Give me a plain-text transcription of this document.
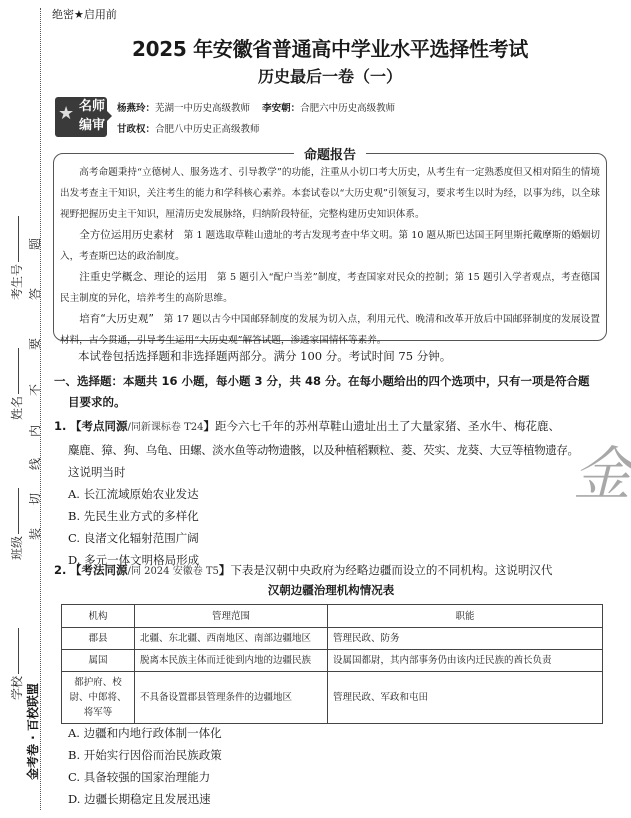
考生号
姓名
班级
学校
题
答
要
不
内
线
切
装
金考卷 · 百校联盟
绝密★启用前
2025 年安徽省普通高中学业水平选择性考试
历史最后一卷（一）
★ 名师
编审
杨燕玲：芜湖一中历史高级教师 李安朝：合肥六中历史高级教师
甘政权：合肥八中历史正高级教师
命题报告

高考命题秉持“立德树人、服务选才、引导教学”的功能，注重从小切口考大历史，从考生有一定熟悉度但又相对陌生的情境出发考查主干知识，关注考生的能力和学科核心素养。本套试卷以“大历史观”引领复习，要求考生以时为经，以事为纬，以全球视野把握历史主干知识，厘清历史发展脉络，归纳阶段特征，完整构建历史知识体系。

全方位运用历史素材　第 1 题选取草鞋山遗址的考古发现考查中华文明。第 10 题从斯巴达国王阿里斯托戴摩斯的婚姻切入，考查斯巴达的政治制度。

注重史学概念、理论的运用　第 5 题引入“配户当差”制度，考查国家对民众的控制；第 15 题引入学者观点，考查德国民主制度的异化，培养考生的高阶思维。

培育“大历史观”　第 17 题以古今中国邮驿制度的发展为切入点，利用元代、晚清和改革开放后中国邮驿制度的发展设置材料，古今贯通，引导考生运用“大历史观”解答试题，渗透家国情怀等素养。

本试卷包括选择题和非选择题两部分。满分 100 分。考试时间 75 分钟。
一、选择题：本题共 16 小题，每小题 3 分，共 48 分。在每小题给出的四个选项中，只有一项是符合题
目要求的。
1. 【考点同源/同新课标卷 T24】距今六七千年的苏州草鞋山遗址出土了大量家猪、圣水牛、梅花鹿、
麋鹿、獐、狗、乌龟、田螺、淡水鱼等动物遗骸，以及种植稻颗粒、菱、芡实、龙葵、大豆等植物遗存。
这说明当时
A. 长江流域原始农业发达
B. 先民生业方式的多样化
C. 良渚文化辐射范围广阔
D. 多元一体文明格局形成
2. 【考法同源/同 2024 安徽卷 T5】下表是汉朝中央政府为经略边疆而设立的不同机构。这说明汉代
汉朝边疆治理机构情况表
机构	管理范围	职能
郡县	北疆、东北疆、西南地区、南部边疆地区	管理民政、防务
属国	脱离本民族主体而迁徙到内地的边疆民族	设属国都尉，其内部事务仍由该内迁民族的酋长负责
都护府、校尉、中郎将、将军等	不具备设置郡县管理条件的边疆地区	管理民政、军政和屯田
A. 边疆和内地行政体制一体化
B. 开始实行因俗而治民族政策
C. 具备较强的国家治理能力
D. 边疆长期稳定且发展迅速
金
